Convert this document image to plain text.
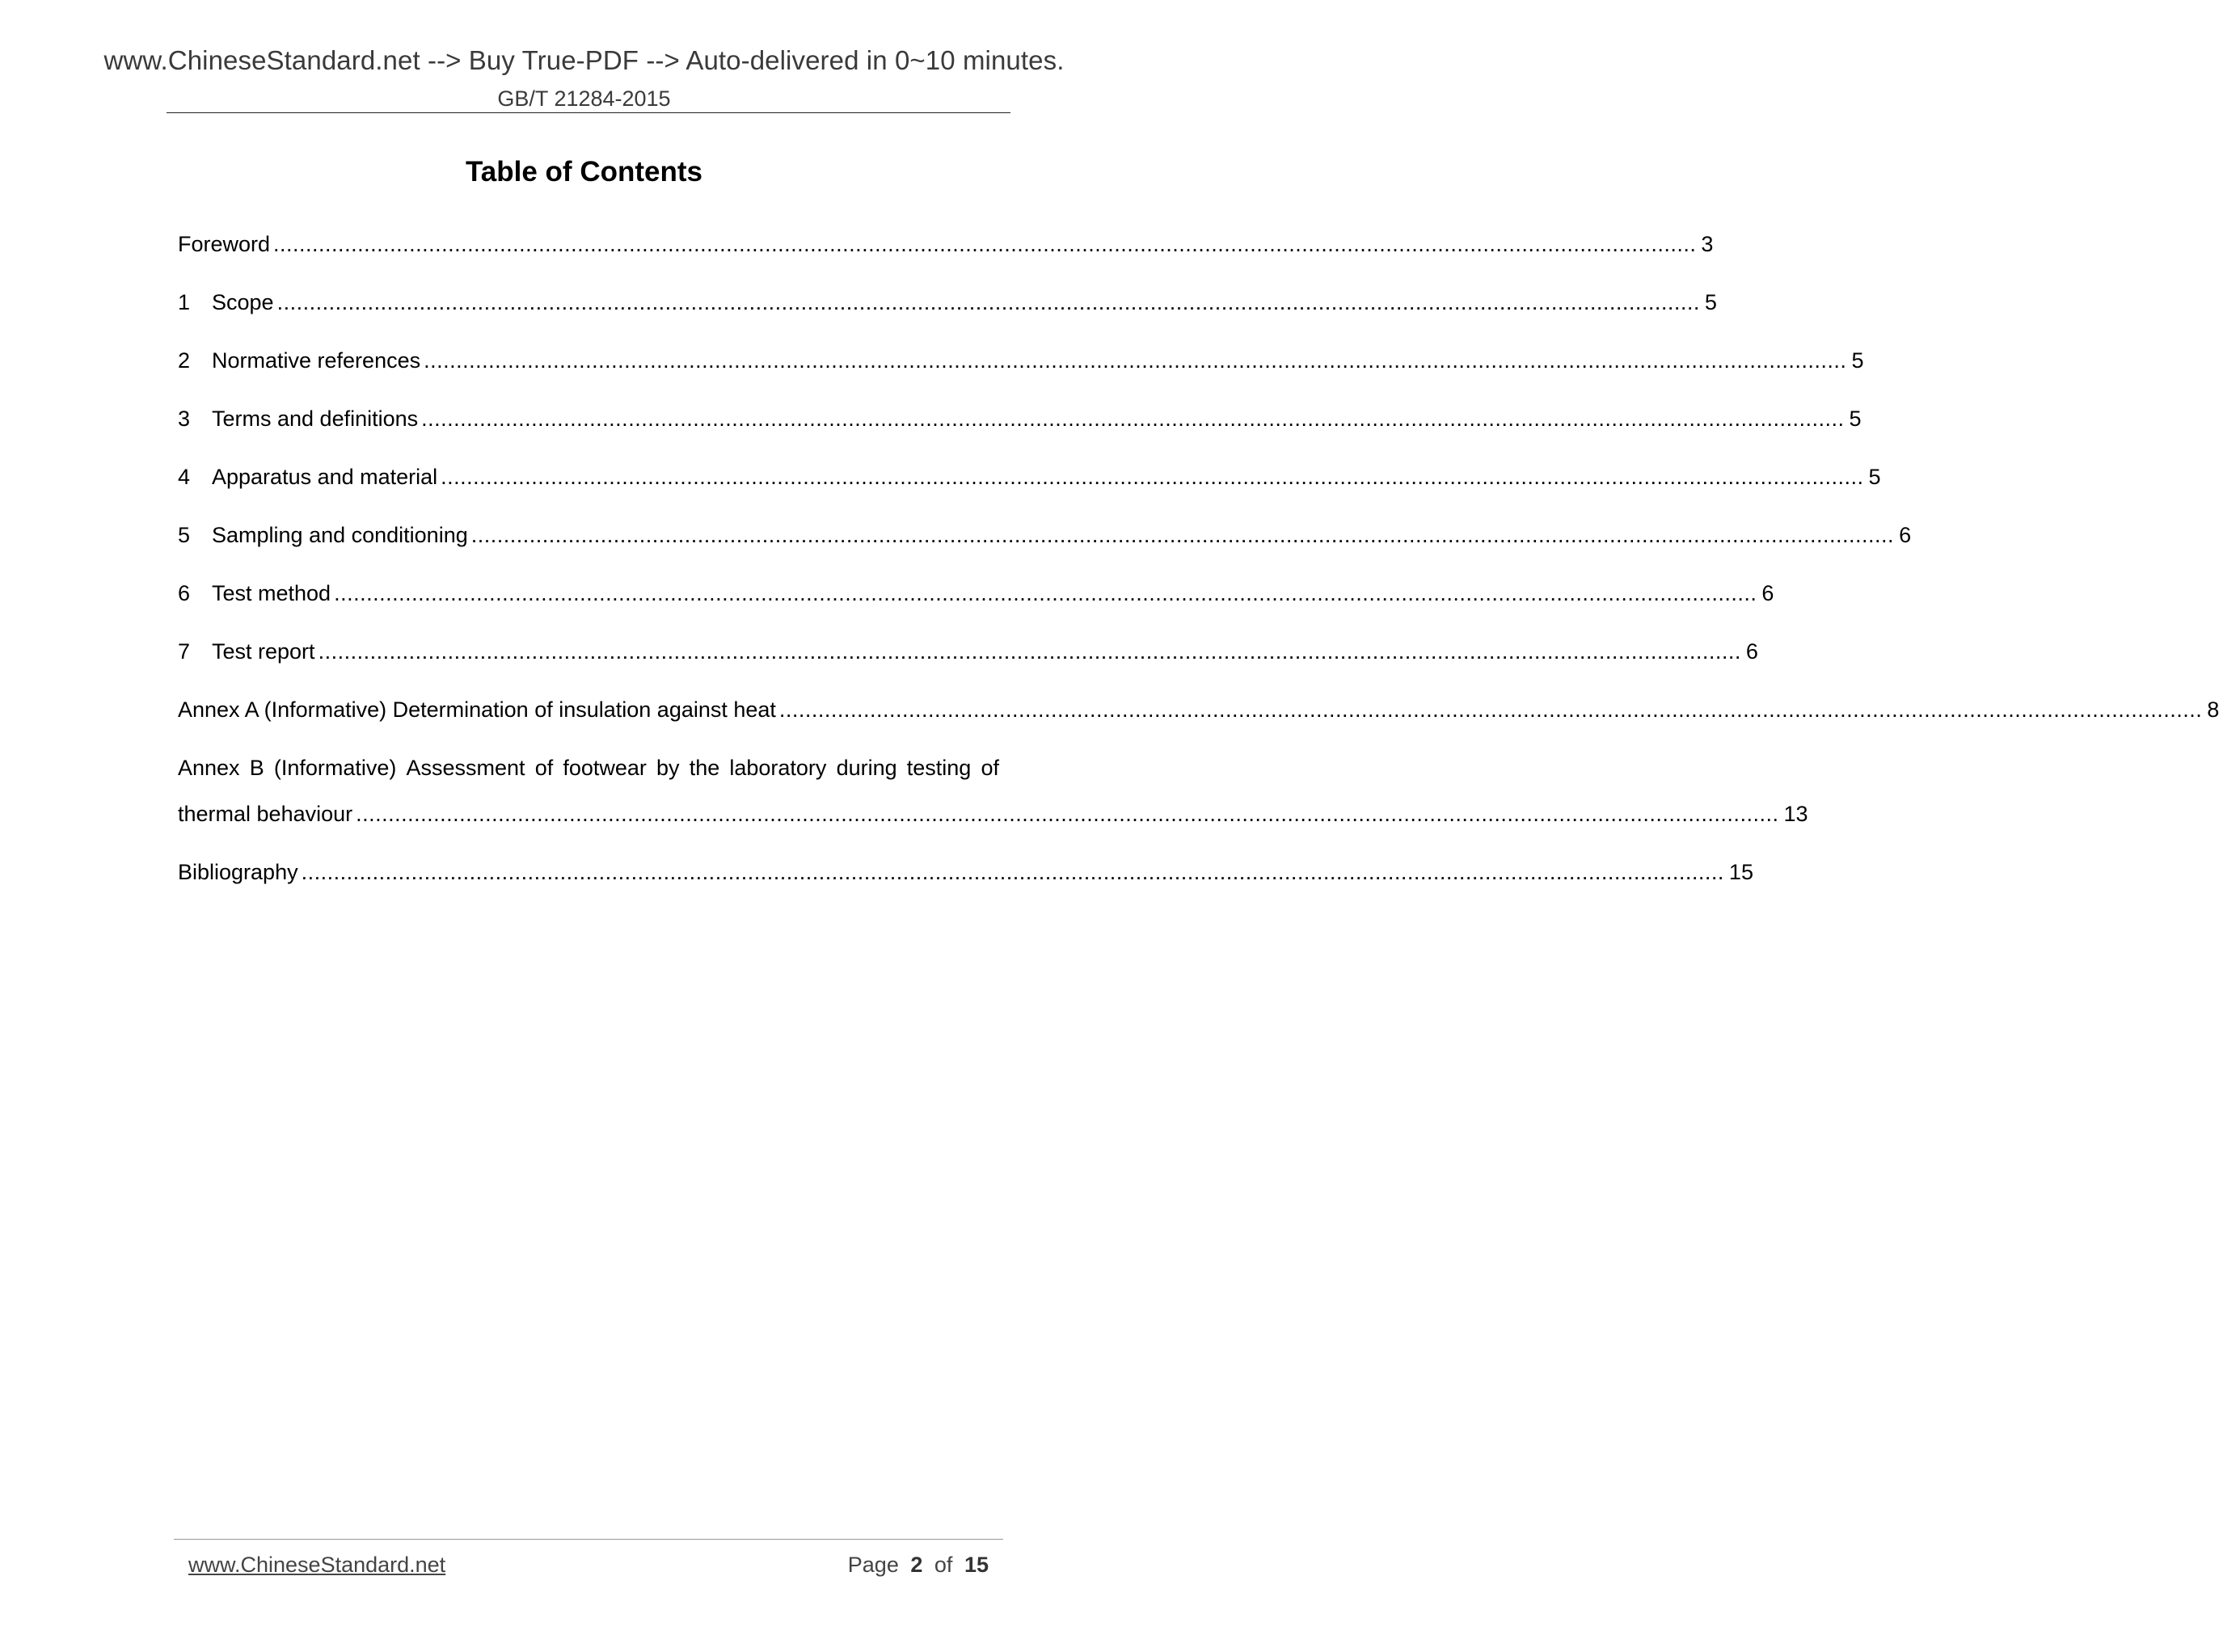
www.ChineseStandard.net --> Buy True-PDF --> Auto-delivered in 0~10 minutes.
GB/T 21284-2015
Table of Contents
Foreword ............................................................................................................................................................................................................................ 3
1 Scope ............................................................................................................................................................................................................................ 5
2 Normative references ............................................................................................................................................................................................................................ 5
3 Terms and definitions ............................................................................................................................................................................................................................ 5
4 Apparatus and material ............................................................................................................................................................................................................................ 5
5 Sampling and conditioning ............................................................................................................................................................................................................................ 6
6 Test method ............................................................................................................................................................................................................................ 6
7 Test report ............................................................................................................................................................................................................................ 6
Annex A (Informative) Determination of insulation against heat ............................................................................................................................................................................................................................ 8
Annex B (Informative) Assessment of footwear by the laboratory during testing of
thermal behaviour ............................................................................................................................................................................................................................ 13
Bibliography ............................................................................................................................................................................................................................ 15
www.ChineseStandard.net	Page 2 of 15
